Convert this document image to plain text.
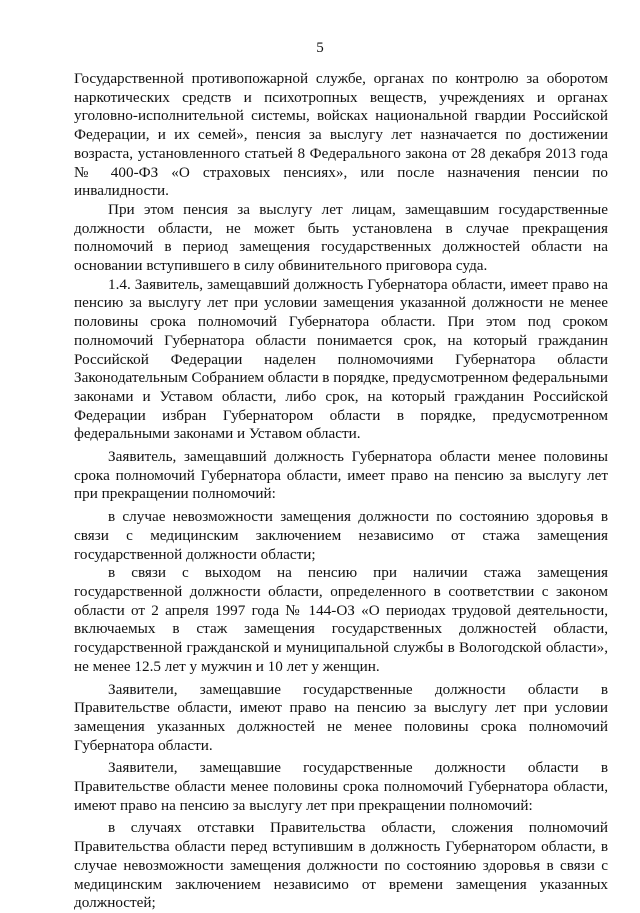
5

Государственной противопожарной службе, органах по контролю за оборотом наркотических средств и психотропных веществ, учреждениях и органах уголовно-исполнительной системы, войсках национальной гвардии Российской Федерации, и их семей», пенсия за выслугу лет назначается по достижении возраста, установленного статьей 8 Федерального закона от 28 декабря 2013 года № 400-ФЗ «О страховых пенсиях», или после назначения пенсии по инвалидности.

При этом пенсия за выслугу лет лицам, замещавшим государственные должности области, не может быть установлена в случае прекращения полномочий в период замещения государственных должностей области на основании вступившего в силу обвинительного приговора суда.

1.4. Заявитель, замещавший должность Губернатора области, имеет право на пенсию за выслугу лет при условии замещения указанной должности не менее половины срока полномочий Губернатора области. При этом под сроком полномочий Губернатора области понимается срок, на который гражданин Российской Федерации наделен полномочиями Губернатора области Законодательным Собранием области в порядке, предусмотренном федеральными законами и Уставом области, либо срок, на который гражданин Российской Федерации избран Губернатором области в порядке, предусмотренном федеральными законами и Уставом области.

Заявитель, замещавший должность Губернатора области менее половины срока полномочий Губернатора области, имеет право на пенсию за выслугу лет при прекращении полномочий:

в случае невозможности замещения должности по состоянию здоровья в связи с медицинским заключением независимо от стажа замещения государственной должности области;

в связи с выходом на пенсию при наличии стажа замещения государственной должности области, определенного в соответствии с законом области от 2 апреля 1997 года № 144-ОЗ «О периодах трудовой деятельности, включаемых в стаж замещения государственных должностей области, государственной гражданской и муниципальной службы в Вологодской области», не менее 12.5 лет у мужчин и 10 лет у женщин.

Заявители, замещавшие государственные должности области в Правительстве области, имеют право на пенсию за выслугу лет при условии замещения указанных должностей не менее половины срока полномочий Губернатора области.

Заявители, замещавшие государственные должности области в Правительстве области менее половины срока полномочий Губернатора области, имеют право на пенсию за выслугу лет при прекращении полномочий:

в случаях отставки Правительства области, сложения полномочий Правительства области перед вступившим в должность Губернатором области, в случае невозможности замещения должности по состоянию здоровья в связи с медицинским заключением независимо от времени замещения указанных должностей;
